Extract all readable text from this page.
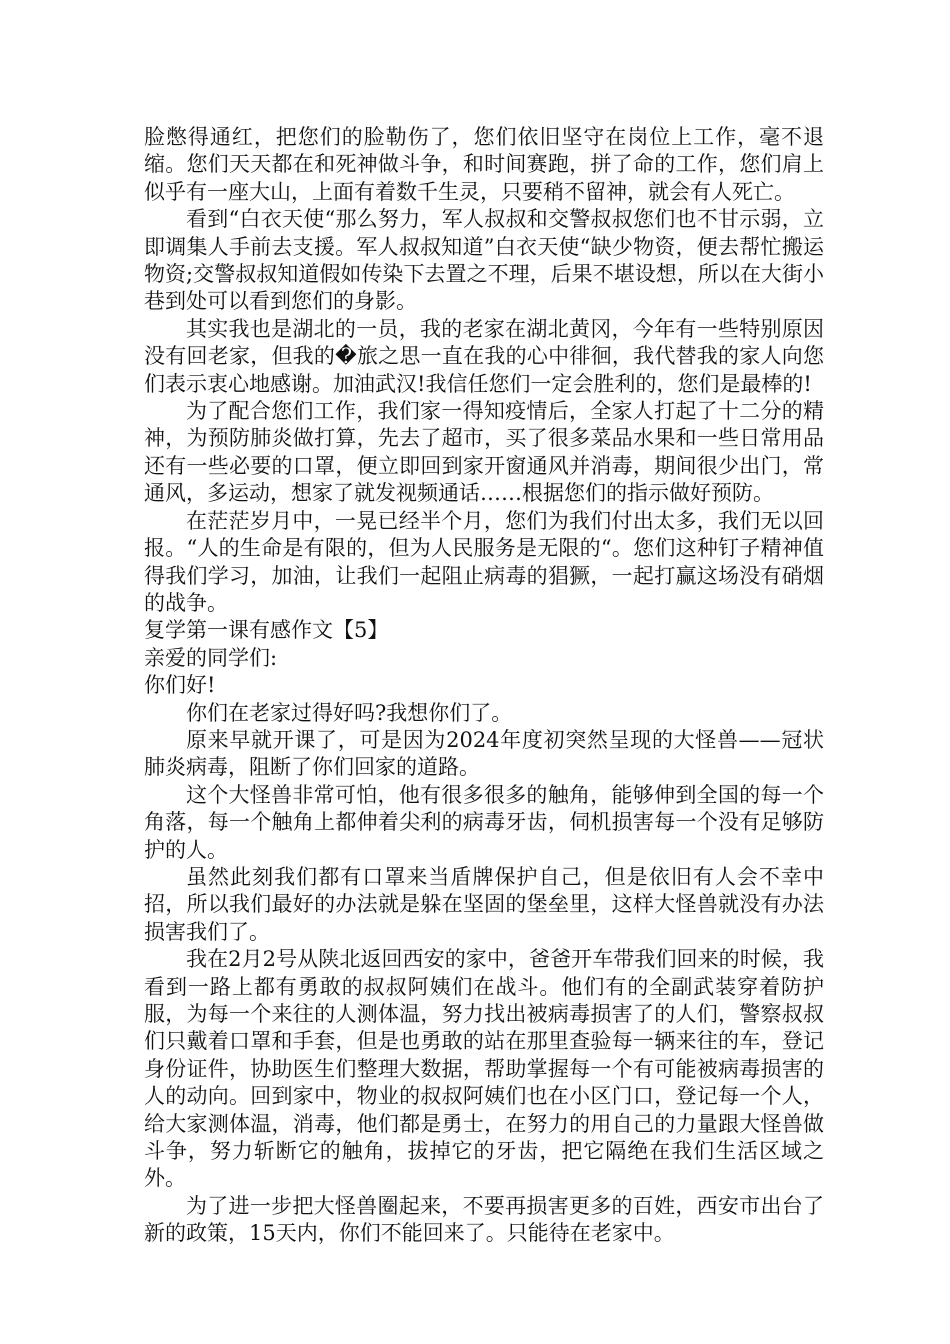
脸憋得通红，把您们的脸勒伤了，您们依旧坚守在岗位上工作，毫不退缩。您们天天都在和死神做斗争，和时间赛跑，拼了命的工作，您们肩上似乎有一座大山，上面有着数千生灵，只要稍不留神，就会有人死亡。

看到“白衣天使“那么努力，军人叔叔和交警叔叔您们也不甘示弱，立即调集人手前去支援。军人叔叔知道”白衣天使“缺少物资，便去帮忙搬运物资;交警叔叔知道假如传染下去置之不理，后果不堪设想，所以在大街小巷到处可以看到您们的身影。

其实我也是湖北的一员，我的老家在湖北黄冈，今年有一些特别原因没有回老家，但我的�旅之思一直在我的心中徘徊，我代替我的家人向您们表示衷心地感谢。加油武汉!我信任您们一定会胜利的，您们是最棒的!

为了配合您们工作，我们家一得知疫情后，全家人打起了十二分的精神，为预防肺炎做打算，先去了超市，买了很多菜品水果和一些日常用品还有一些必要的口罩，便立即回到家开窗通风并消毒，期间很少出门，常通风，多运动，想家了就发视频通话……根据您们的指示做好预防。

在茫茫岁月中，一晃已经半个月，您们为我们付出太多，我们无以回报。“人的生命是有限的，但为人民服务是无限的“。您们这种钉子精神值得我们学习，加油，让我们一起阻止病毒的猖獗，一起打赢这场没有硝烟的战争。

复学第一课有感作文【5】

亲爱的同学们:

你们好!

你们在老家过得好吗?我想你们了。

原来早就开课了，可是因为2024年度初突然呈现的大怪兽——冠状肺炎病毒，阻断了你们回家的道路。

这个大怪兽非常可怕，他有很多很多的触角，能够伸到全国的每一个角落，每一个触角上都伸着尖利的病毒牙齿，伺机损害每一个没有足够防护的人。

虽然此刻我们都有口罩来当盾牌保护自己，但是依旧有人会不幸中招，所以我们最好的办法就是躲在坚固的堡垒里，这样大怪兽就没有办法损害我们了。

我在2月2号从陕北返回西安的家中，爸爸开车带我们回来的时候，我看到一路上都有勇敢的叔叔阿姨们在战斗。他们有的全副武装穿着防护服，为每一个来往的人测体温，努力找出被病毒损害了的人们，警察叔叔们只戴着口罩和手套，但是也勇敢的站在那里查验每一辆来往的车，登记身份证件，协助医生们整理大数据，帮助掌握每一个有可能被病毒损害的人的动向。回到家中，物业的叔叔阿姨们也在小区门口，登记每一个人，给大家测体温，消毒，他们都是勇士，在努力的用自己的力量跟大怪兽做斗争，努力斩断它的触角，拔掉它的牙齿，把它隔绝在我们生活区域之外。

为了进一步把大怪兽圈起来，不要再损害更多的百姓，西安市出台了新的政策，15天内，你们不能回来了。只能待在老家中。
